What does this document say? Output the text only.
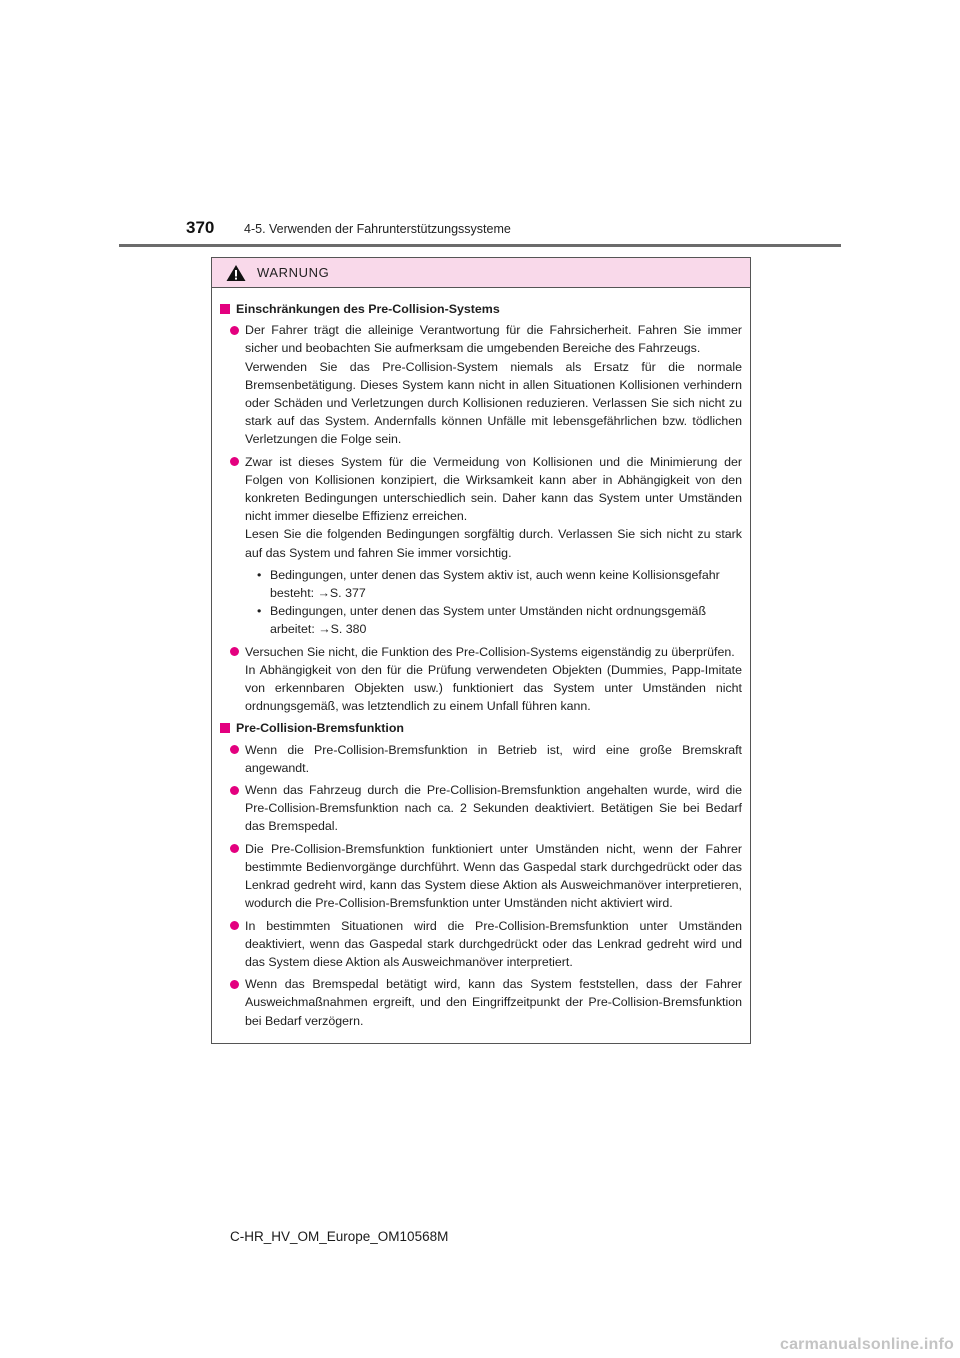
370 4-5. Verwenden der Fahrunterstützungssysteme
WARNUNG
Einschränkungen des Pre-Collision-Systems

Der Fahrer trägt die alleinige Verantwortung für die Fahrsicherheit. Fahren Sie immer sicher und beobachten Sie aufmerksam die umgebenden Bereiche des Fahrzeugs.

Verwenden Sie das Pre-Collision-System niemals als Ersatz für die normale Bremsenbetätigung. Dieses System kann nicht in allen Situationen Kollisionen verhindern oder Schäden und Verletzungen durch Kollisionen reduzieren. Verlassen Sie sich nicht zu stark auf das System. Andernfalls können Unfälle mit lebensgefährlichen bzw. tödlichen Verletzungen die Folge sein.

Zwar ist dieses System für die Vermeidung von Kollisionen und die Minimierung der Folgen von Kollisionen konzipiert, die Wirksamkeit kann aber in Abhängigkeit von den konkreten Bedingungen unterschiedlich sein. Daher kann das System unter Umständen nicht immer dieselbe Effizienz erreichen.

Lesen Sie die folgenden Bedingungen sorgfältig durch. Verlassen Sie sich nicht zu stark auf das System und fahren Sie immer vorsichtig.

• Bedingungen, unter denen das System aktiv ist, auch wenn keine Kollisionsgefahr besteht: →S. 377
• Bedingungen, unter denen das System unter Umständen nicht ordnungsgemäß arbeitet: →S. 380

Versuchen Sie nicht, die Funktion des Pre-Collision-Systems eigenständig zu überprüfen.

In Abhängigkeit von den für die Prüfung verwendeten Objekten (Dummies, Papp-Imitate von erkennbaren Objekten usw.) funktioniert das System unter Umständen nicht ordnungsgemäß, was letztendlich zu einem Unfall führen kann.

Pre-Collision-Bremsfunktion

Wenn die Pre-Collision-Bremsfunktion in Betrieb ist, wird eine große Bremskraft angewandt.

Wenn das Fahrzeug durch die Pre-Collision-Bremsfunktion angehalten wurde, wird die Pre-Collision-Bremsfunktion nach ca. 2 Sekunden deaktiviert. Betätigen Sie bei Bedarf das Bremspedal.

Die Pre-Collision-Bremsfunktion funktioniert unter Umständen nicht, wenn der Fahrer bestimmte Bedienvorgänge durchführt. Wenn das Gaspedal stark durchgedrückt oder das Lenkrad gedreht wird, kann das System diese Aktion als Ausweichmanöver interpretieren, wodurch die Pre-Collision-Bremsfunktion unter Umständen nicht aktiviert wird.

In bestimmten Situationen wird die Pre-Collision-Bremsfunktion unter Umständen deaktiviert, wenn das Gaspedal stark durchgedrückt oder das Lenkrad gedreht wird und das System diese Aktion als Ausweichmanöver interpretiert.

Wenn das Bremspedal betätigt wird, kann das System feststellen, dass der Fahrer Ausweichmaßnahmen ergreift, und den Eingriffzeitpunkt der Pre-Collision-Bremsfunktion bei Bedarf verzögern.

C-HR_HV_OM_Europe_OM10568M
carmanualsonline.info
